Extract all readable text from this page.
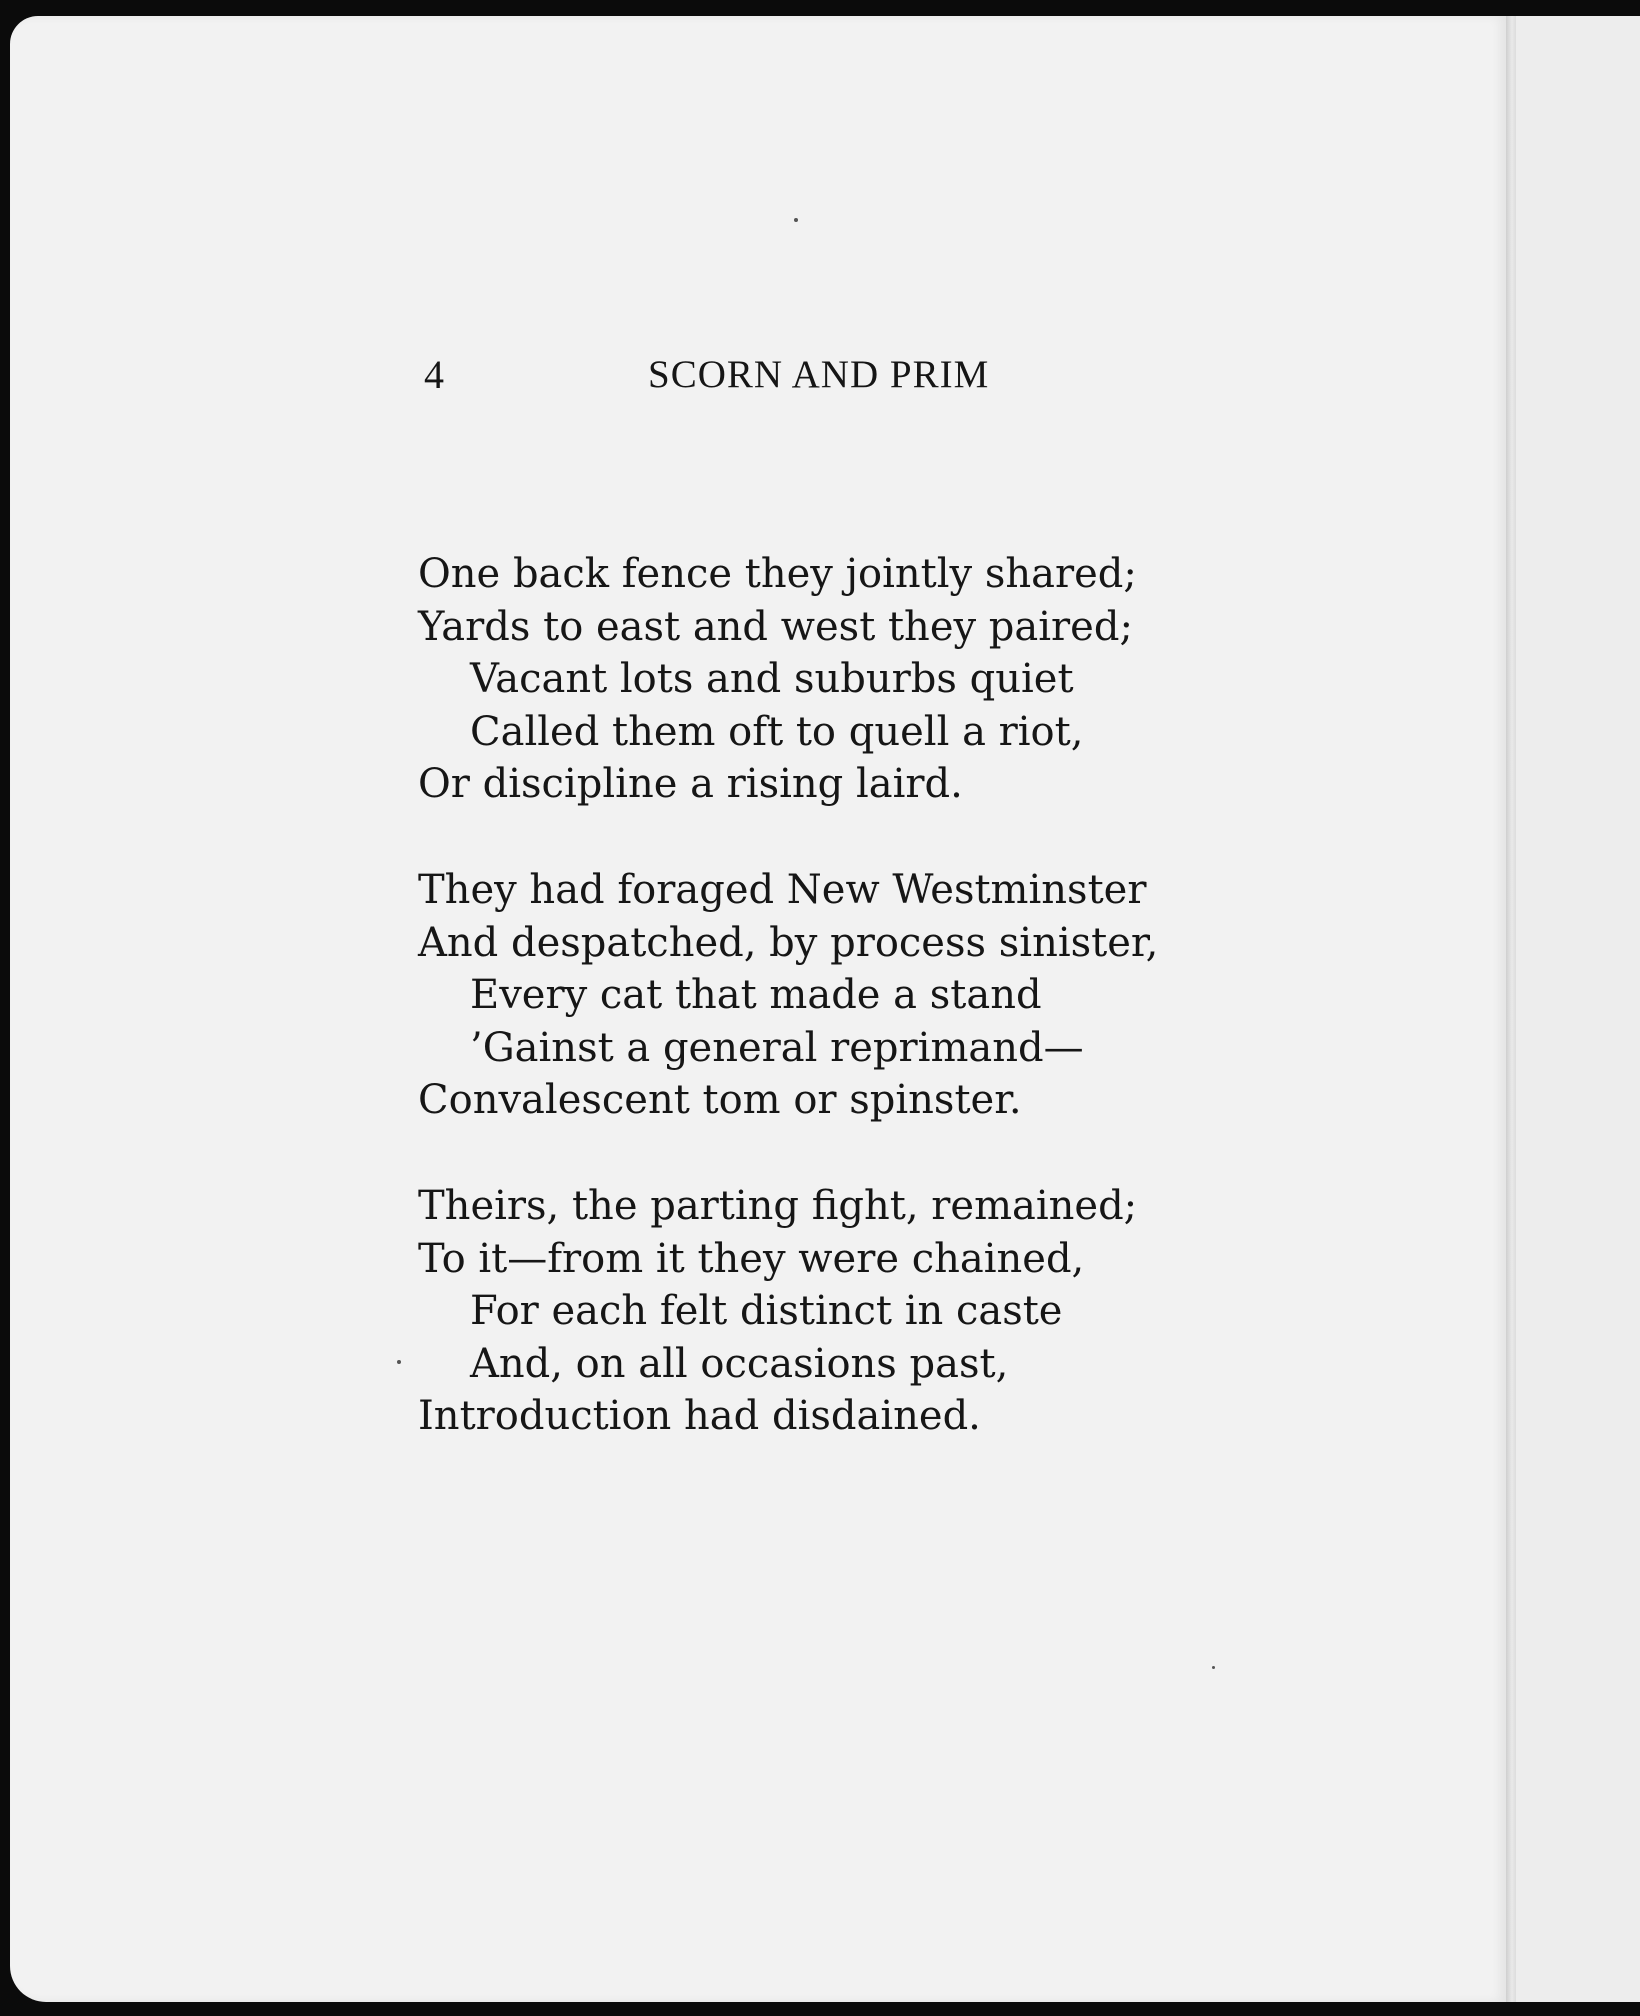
4	SCORN AND PRIM
One back fence they jointly shared;
Yards to east and west they paired;
Vacant lots and suburbs quiet
Called them oft to quell a riot,
Or discipline a rising laird.
They had foraged New Westminster
And despatched, by process sinister,
Every cat that made a stand
’Gainst a general reprimand—
Convalescent tom or spinster.
Theirs, the parting fight, remained;
To it—from it they were chained,
For each felt distinct in caste
And, on all occasions past,
Introduction had disdained.
